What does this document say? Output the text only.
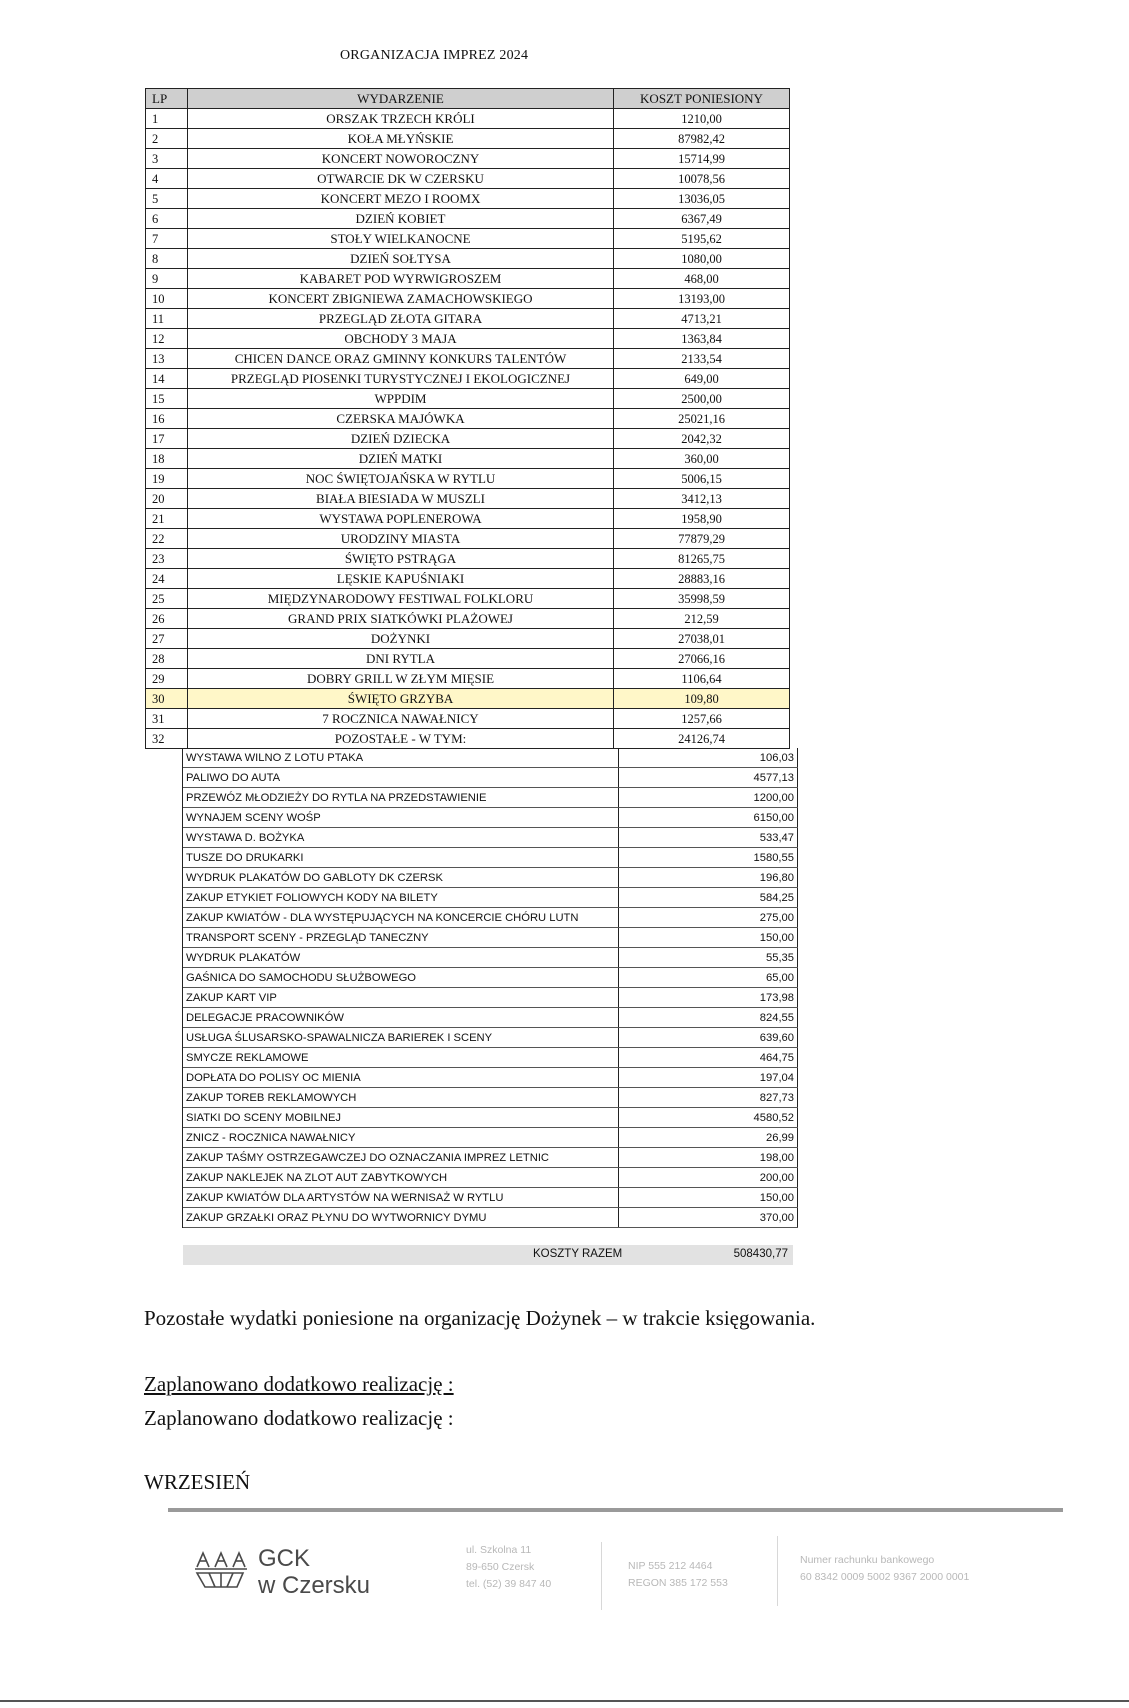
ORGANIZACJA IMPREZ 2024
LP	WYDARZENIE	KOSZT PONIESIONY
1	ORSZAK TRZECH KRÓLI	1210,00
2	KOŁA MŁYŃSKIE	87982,42
3	KONCERT NOWOROCZNY	15714,99
4	OTWARCIE DK W CZERSKU	10078,56
5	KONCERT MEZO I ROOMX	13036,05
6	DZIEŃ KOBIET	6367,49
7	STOŁY WIELKANOCNE	5195,62
8	DZIEŃ SOŁTYSA	1080,00
9	KABARET POD WYRWIGROSZEM	468,00
10	KONCERT ZBIGNIEWA ZAMACHOWSKIEGO	13193,00
11	PRZEGLĄD ZŁOTA GITARA	4713,21
12	OBCHODY 3 MAJA	1363,84
13	CHICEN DANCE ORAZ GMINNY KONKURS TALENTÓW	2133,54
14	PRZEGLĄD PIOSENKI TURYSTYCZNEJ I EKOLOGICZNEJ	649,00
15	WPPDIM	2500,00
16	CZERSKA MAJÓWKA	25021,16
17	DZIEŃ DZIECKA	2042,32
18	DZIEŃ MATKI	360,00
19	NOC ŚWIĘTOJAŃSKA W RYTLU	5006,15
20	BIAŁA BIESIADA W MUSZLI	3412,13
21	WYSTAWA POPLENEROWA	1958,90
22	URODZINY MIASTA	77879,29
23	ŚWIĘTO PSTRĄGA	81265,75
24	LĘSKIE KAPUŚNIAKI	28883,16
25	MIĘDZYNARODOWY FESTIWAL FOLKLORU	35998,59
26	GRAND PRIX SIATKÓWKI PLAŻOWEJ	212,59
27	DOŻYNKI	27038,01
28	DNI RYTLA	27066,16
29	DOBRY GRILL W ZŁYM MIĘSIE	1106,64
30	ŚWIĘTO GRZYBA	109,80
31	7 ROCZNICA NAWAŁNICY	1257,66
32	POZOSTAŁE - W TYM:	24126,74
	WYSTAWA WILNO Z LOTU PTAKA	106,03
	PALIWO DO AUTA	4577,13
	PRZEWÓZ MŁODZIEŻY DO RYTLA NA PRZEDSTAWIENIE	1200,00
	WYNAJEM SCENY WOŚP	6150,00
	WYSTAWA D. BOŻYKA	533,47
	TUSZE DO DRUKARKI	1580,55
	WYDRUK PLAKATÓW DO GABLOTY DK CZERSK	196,80
	ZAKUP ETYKIET FOLIOWYCH KODY NA BILETY	584,25
	ZAKUP KWIATÓW - DLA WYSTĘPUJĄCYCH NA KONCERCIE CHÓRU LUTN	275,00
	TRANSPORT SCENY - PRZEGLĄD TANECZNY	150,00
	WYDRUK PLAKATÓW	55,35
	GAŚNICA DO SAMOCHODU SŁUŻBOWEGO	65,00
	ZAKUP KART VIP	173,98
	DELEGACJE PRACOWNIKÓW	824,55
	USŁUGA ŚLUSARSKO-SPAWALNICZA BARIEREK I SCENY	639,60
	SMYCZE REKLAMOWE	464,75
	DOPŁATA DO POLISY OC MIENIA	197,04
	ZAKUP TOREB REKLAMOWYCH	827,73
	SIATKI DO SCENY MOBILNEJ	4580,52
	ZNICZ - ROCZNICA NAWAŁNICY	26,99
	ZAKUP TAŚMY OSTRZEGAWCZEJ DO OZNACZANIA IMPREZ LETNIC	198,00
	ZAKUP NAKLEJEK NA ZLOT AUT ZABYTKOWYCH	200,00
	ZAKUP KWIATÓW DLA ARTYSTÓW NA WERNISAŻ W RYTLU	150,00
	ZAKUP GRZAŁKI ORAZ PŁYNU DO WYTWORNICY DYMU	370,00
KOSZTY RAZEM	508430,77
Pozostałe wydatki poniesione na organizację Dożynek – w trakcie księgowania.
Zaplanowano dodatkowo realizację :
Zaplanowano dodatkowo realizację :
WRZESIEŃ
GCK
w Czersku
ul. Szkolna 11
89-650 Czersk
tel. (52) 39 847 40
NIP 555 212 4464
REGON 385 172 553
Numer rachunku bankowego
60 8342 0009 5002 9367 2000 0001
